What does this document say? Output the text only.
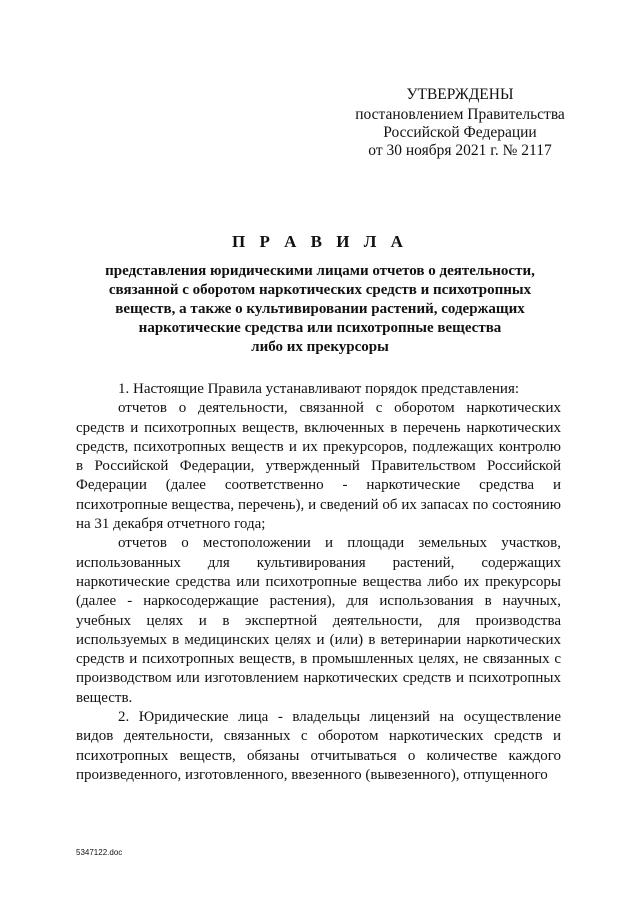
УТВЕРЖДЕНЫ
постановлением Правительства
Российской Федерации
от 30 ноября 2021 г. № 2117
П Р А В И Л А
представления юридическими лицами отчетов о деятельности,
связанной с оборотом наркотических средств и психотропных
веществ, а также о культивировании растений, содержащих
наркотические средства или психотропные вещества
либо их прекурсоры

1. Настоящие Правила устанавливают порядок представления:

отчетов о деятельности, связанной с оборотом наркотических средств и психотропных веществ, включенных в перечень наркотических средств, психотропных веществ и их прекурсоров, подлежащих контролю в Российской Федерации, утвержденный Правительством Российской Федерации (далее соответственно - наркотические средства и психотропные вещества, перечень), и сведений об их запасах по состоянию на 31 декабря отчетного года;

отчетов о местоположении и площади земельных участков, использованных для культивирования растений, содержащих наркотические средства или психотропные вещества либо их прекурсоры (далее - наркосодержащие растения), для использования в научных, учебных целях и в экспертной деятельности, для производства используемых в медицинских целях и (или) в ветеринарии наркотических средств и психотропных веществ, в промышленных целях, не связанных с производством или изготовлением наркотических средств и психотропных веществ.

2. Юридические лица - владельцы лицензий на осуществление видов деятельности, связанных с оборотом наркотических средств и психотропных веществ, обязаны отчитываться о количестве каждого произведенного, изготовленного, ввезенного (вывезенного), отпущенного

5347122.doc
